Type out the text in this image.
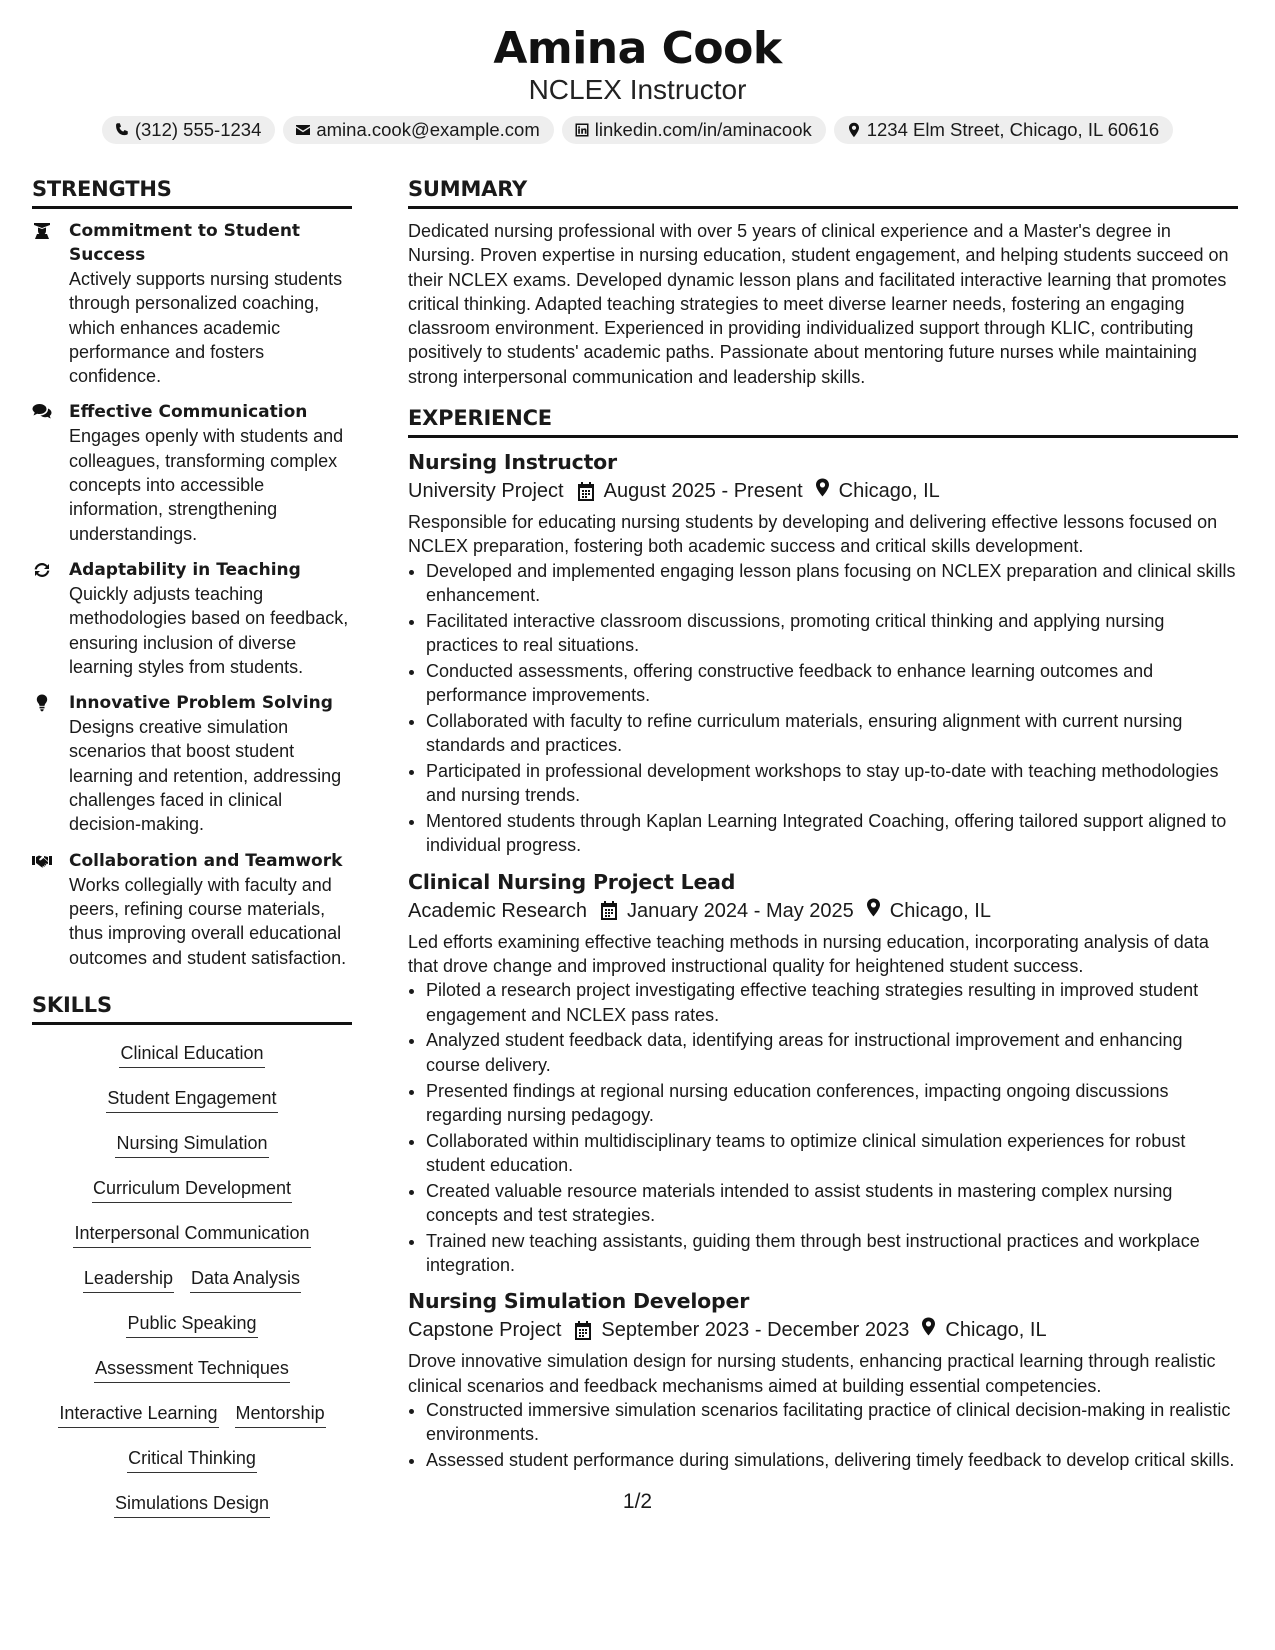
Amina Cook
NCLEX Instructor
(312) 555-1234	amina.cook@example.com	linkedin.com/in/aminacook	1234 Elm Street, Chicago, IL 60616
STRENGTHS
Commitment to Student Success
Actively supports nursing students through personalized coaching, which enhances academic performance and fosters confidence.
Effective Communication
Engages openly with students and colleagues, transforming complex concepts into accessible information, strengthening understandings.
Adaptability in Teaching
Quickly adjusts teaching methodologies based on feedback, ensuring inclusion of diverse learning styles from students.
Innovative Problem Solving
Designs creative simulation scenarios that boost student learning and retention, addressing challenges faced in clinical decision-making.
Collaboration and Teamwork
Works collegially with faculty and peers, refining course materials, thus improving overall educational outcomes and student satisfaction.
SKILLS
Clinical Education
Student Engagement
Nursing Simulation
Curriculum Development
Interpersonal Communication
Leadership Data Analysis
Public Speaking
Assessment Techniques
Interactive Learning Mentorship
Critical Thinking
Simulations Design
SUMMARY
Dedicated nursing professional with over 5 years of clinical experience and a Master's degree in Nursing. Proven expertise in nursing education, student engagement, and helping students succeed on their NCLEX exams. Developed dynamic lesson plans and facilitated interactive learning that promotes critical thinking. Adapted teaching strategies to meet diverse learner needs, fostering an engaging classroom environment. Experienced in providing individualized support through KLIC, contributing positively to students' academic paths. Passionate about mentoring future nurses while maintaining strong interpersonal communication and leadership skills.
EXPERIENCE
Nursing Instructor
University Project August 2025 - Present Chicago, IL
Responsible for educating nursing students by developing and delivering effective lessons focused on NCLEX preparation, fostering both academic success and critical skills development.
• Developed and implemented engaging lesson plans focusing on NCLEX preparation and clinical skills enhancement.
• Facilitated interactive classroom discussions, promoting critical thinking and applying nursing practices to real situations.
• Conducted assessments, offering constructive feedback to enhance learning outcomes and performance improvements.
• Collaborated with faculty to refine curriculum materials, ensuring alignment with current nursing standards and practices.
• Participated in professional development workshops to stay up-to-date with teaching methodologies and nursing trends.
• Mentored students through Kaplan Learning Integrated Coaching, offering tailored support aligned to individual progress.
Clinical Nursing Project Lead
Academic Research January 2024 - May 2025 Chicago, IL
Led efforts examining effective teaching methods in nursing education, incorporating analysis of data that drove change and improved instructional quality for heightened student success.
• Piloted a research project investigating effective teaching strategies resulting in improved student engagement and NCLEX pass rates.
• Analyzed student feedback data, identifying areas for instructional improvement and enhancing course delivery.
• Presented findings at regional nursing education conferences, impacting ongoing discussions regarding nursing pedagogy.
• Collaborated within multidisciplinary teams to optimize clinical simulation experiences for robust student education.
• Created valuable resource materials intended to assist students in mastering complex nursing concepts and test strategies.
• Trained new teaching assistants, guiding them through best instructional practices and workplace integration.
Nursing Simulation Developer
Capstone Project September 2023 - December 2023 Chicago, IL
Drove innovative simulation design for nursing students, enhancing practical learning through realistic clinical scenarios and feedback mechanisms aimed at building essential competencies.
• Constructed immersive simulation scenarios facilitating practice of clinical decision-making in realistic environments.
• Assessed student performance during simulations, delivering timely feedback to develop critical skills.
1/2
